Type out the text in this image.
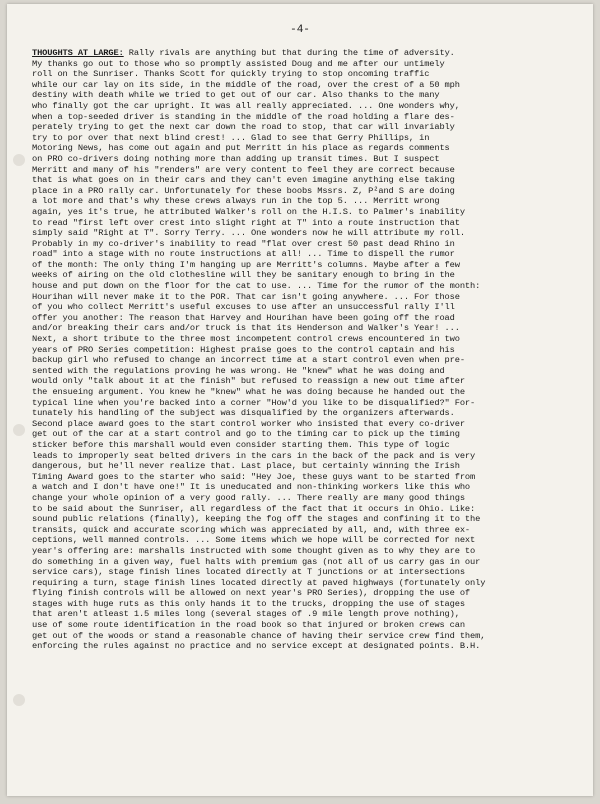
-4-
THOUGHTS AT LARGE: Rally rivals are anything but that during the time of adversity.
My thanks go out to those who so promptly assisted Doug and me after our untimely
roll on the Sunriser. Thanks Scott for quickly trying to stop oncoming traffic
while our car lay on its side, in the middle of the road, over the crest of a 50 mph
destiny with death while we tried to get out of our car. Also thanks to the many
who finally got the car upright. It was all really appreciated. ... One wonders why,
when a top-seeded driver is standing in the middle of the road holding a flare des-
perately trying to get the next car down the road to stop, that car will invariably
try to por over that next blind crest! ... Glad to see that Gerry Phillips, in
Motoring News, has come out again and put Merritt in his place as regards comments
on PRO co-drivers doing nothing more than adding up transit times. But I suspect
Merritt and many of his "renders" are very content to feel they are correct because
that is what goes on in their cars and they can't even imagine anything else taking
place in a PRO rally car. Unfortunately for these boobs Mssrs. Z, P²and S are doing
a lot more and that's why these crews always run in the top 5. ... Merritt wrong
again, yes it's true, he attributed Walker's roll on the H.I.S. to Palmer's inability
to read "first left over crest into slight right at T" into a route instruction that
simply said "Right at T". Sorry Terry. ... One wonders now he will attribute my roll.
Probably in my co-driver's inability to read "flat over crest 50 past dead Rhino in
road" into a stage with no route instructions at all! ... Time to dispell the rumor
of the month: The only thing I'm hanging up are Merritt's columns. Maybe after a few
weeks of airing on the old clothesline will they be sanitary enough to bring in the
house and put down on the floor for the cat to use. ... Time for the rumor of the month:
Hourihan will never make it to the POR. That car isn't going anywhere. ... For those
of you who collect Merritt's useful excuses to use after an unsuccessful rally I'll
offer you another: The reason that Harvey and Hourihan have been going off the road
and/or breaking their cars and/or truck is that its Henderson and Walker's Year! ...
Next, a short tribute to the three most incompetent control crews encountered in two
years of PRO Series competition: Highest praise goes to the control captain and his
backup girl who refused to change an incorrect time at a start control even when pre-
sented with the regulations proving he was wrong. He "knew" what he was doing and
would only "talk about it at the finish" but refused to reassign a new out time after
the ensueing argument. You knew he "knew" what he was doing because he handed out the
typical line when you're backed into a corner "How'd you like to be disqualified?" For-
tunately his handling of the subject was disqualified by the organizers afterwards.
Second place award goes to the start control worker who insisted that every co-driver
get out of the car at a start control and go to the timing car to pick up the timing
sticker before this marshall would even consider starting them. This type of logic
leads to improperly seat belted drivers in the cars in the back of the pack and is very
dangerous, but he'll never realize that. Last place, but certainly winning the Irish
Timing Award goes to the starter who said: "Hey Joe, these guys want to be started from
a watch and I don't have one!" It is uneducated and non-thinking workers like this who
change your whole opinion of a very good rally. ... There really are many good things
to be said about the Sunriser, all regardless of the fact that it occurs in Ohio. Like:
sound public relations (finally), keeping the fog off the stages and confining it to the
transits, quick and accurate scoring which was appreciated by all, and, with three ex-
ceptions, well manned controls. ... Some items which we hope will be corrected for next
year's offering are: marshalls instructed with some thought given as to why they are to
do something in a given way, fuel halts with premium gas (not all of us carry gas in our
service cars), stage finish lines located directly at T junctions or at intersections
requiring a turn, stage finish lines located directly at paved highways (fortunately only
flying finish controls will be allowed on next year's PRO Series), dropping the use of
stages with huge ruts as this only hands it to the trucks, dropping the use of stages
that aren't atleast 1.5 miles long (several stages of .9 mile length prove nothing),
use of some route identification in the road book so that injured or broken crews can
get out of the woods or stand a reasonable chance of having their service crew find them,
enforcing the rules against no practice and no service except at designated points. B.H.
